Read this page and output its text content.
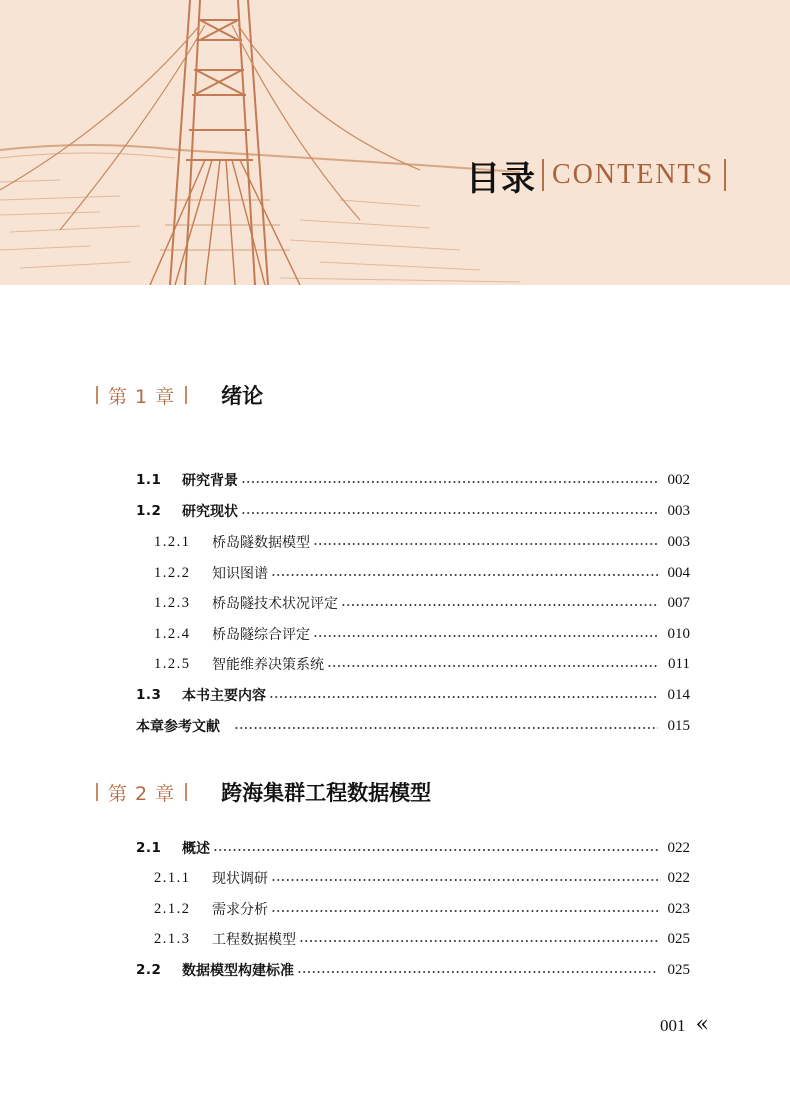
目录 CONTENTS
第 1 章 绪论
1.1	研究背景	002
1.2	研究现状	003
1.2.1	桥岛隧数据模型	003
1.2.2	知识图谱	004
1.2.3	桥岛隧技术状况评定	007
1.2.4	桥岛隧综合评定	010
1.2.5	智能维养决策系统	011
1.3	本书主要内容	014
本章参考文献	015
第 2 章 跨海集群工程数据模型
2.1	概述	022
2.1.1	现状调研	022
2.1.2	需求分析	023
2.1.3	工程数据模型	025
2.2	数据模型构建标准	025
001 «
